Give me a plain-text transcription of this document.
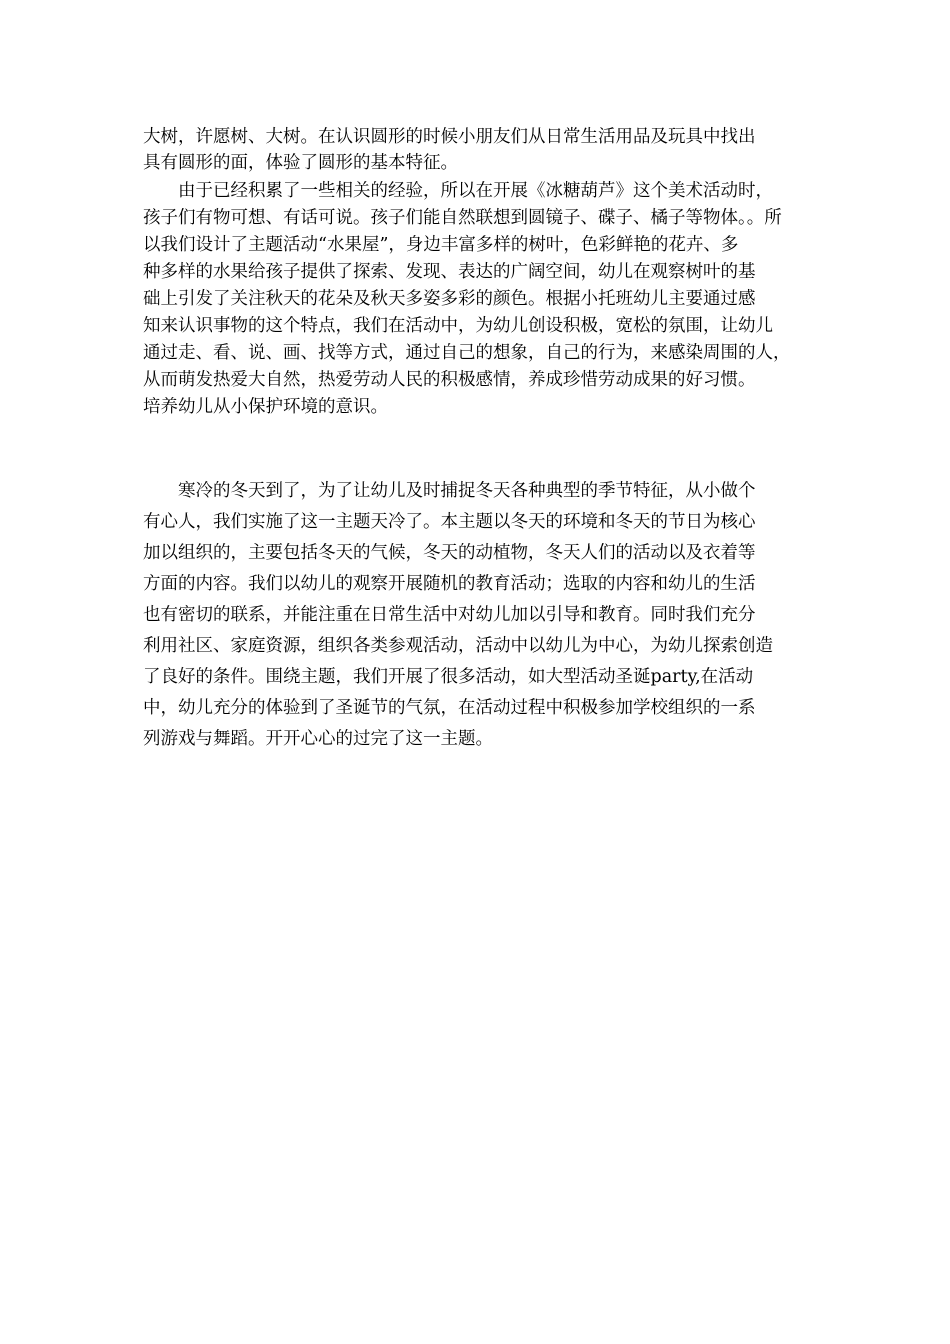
大树，许愿树、大树。在认识圆形的时候小朋友们从日常生活用品及玩具中找出
具有圆形的面，体验了圆形的基本特征。
由于已经积累了一些相关的经验，所以在开展《冰糖葫芦》这个美术活动时，
孩子们有物可想、有话可说。孩子们能自然联想到圆镜子、碟子、橘子等物体。。所
以我们设计了主题活动“水果屋”，身边丰富多样的树叶，色彩鲜艳的花卉、多
种多样的水果给孩子提供了探索、发现、表达的广阔空间，幼儿在观察树叶的基
础上引发了关注秋天的花朵及秋天多姿多彩的颜色。根据小托班幼儿主要通过感
知来认识事物的这个特点，我们在活动中，为幼儿创设积极，宽松的氛围，让幼儿
通过走、看、说、画、找等方式，通过自己的想象，自己的行为，来感染周围的人，
从而萌发热爱大自然，热爱劳动人民的积极感情，养成珍惜劳动成果的好习惯。
培养幼儿从小保护环境的意识。
寒冷的冬天到了，为了让幼儿及时捕捉冬天各种典型的季节特征，从小做个
有心人，我们实施了这一主题天冷了。本主题以冬天的环境和冬天的节日为核心
加以组织的，主要包括冬天的气候，冬天的动植物，冬天人们的活动以及衣着等
方面的内容。我们以幼儿的观察开展随机的教育活动；选取的内容和幼儿的生活
也有密切的联系，并能注重在日常生活中对幼儿加以引导和教育。同时我们充分
利用社区、家庭资源，组织各类参观活动，活动中以幼儿为中心，为幼儿探索创造
了良好的条件。围绕主题，我们开展了很多活动，如大型活动圣诞party,在活动
中，幼儿充分的体验到了圣诞节的气氛，在活动过程中积极参加学校组织的一系
列游戏与舞蹈。开开心心的过完了这一主题。
